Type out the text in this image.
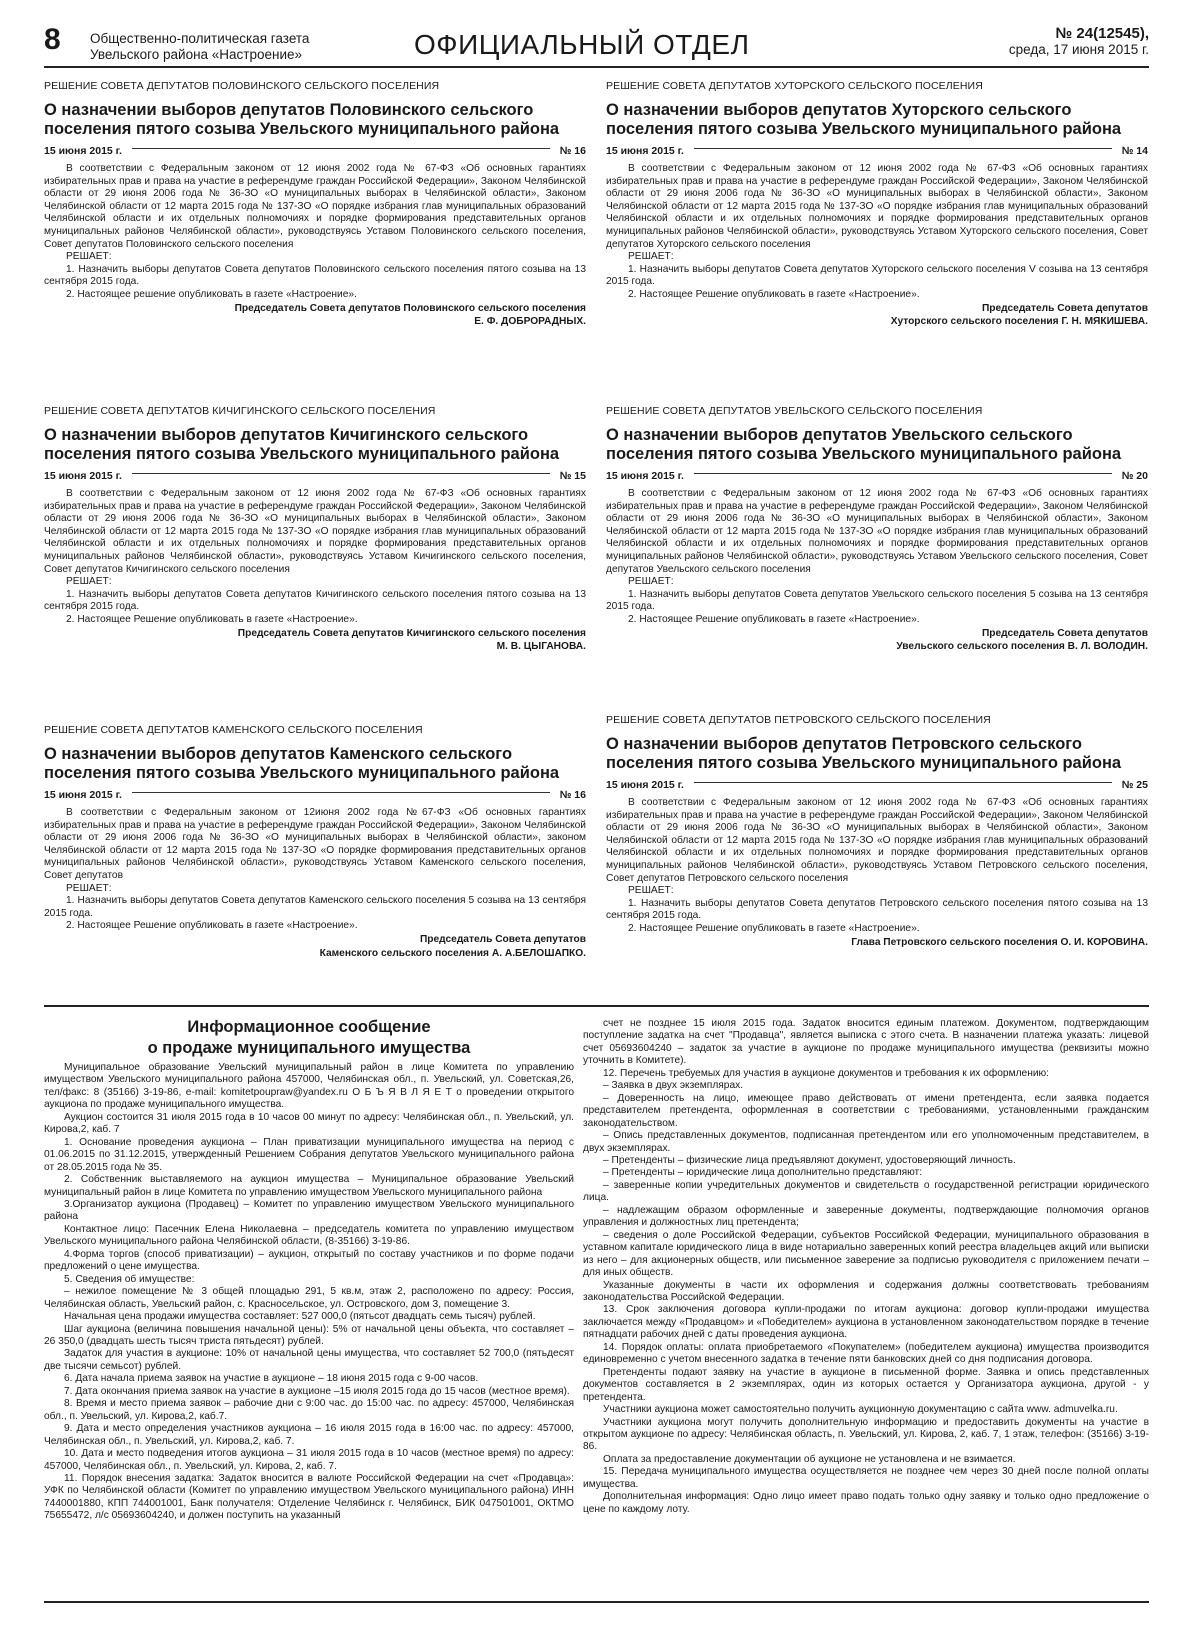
8 Общественно-политическая газета
Увельского района «Настроение»	ОФИЦИАЛЬНЫЙ ОТДЕЛ	№ 24(12545),
среда, 17 июня 2015 г.
РЕШЕНИЕ СОВЕТА ДЕПУТАТОВ ПОЛОВИНСКОГО СЕЛЬСКОГО ПОСЕЛЕНИЯ
О назначении выборов депутатов Половинского сельского поселения пятого созыва Увельского муниципального района
15 июня 2015 г.	№ 16

В соответствии с Федеральным законом от 12 июня 2002 года № 67-ФЗ «Об основных гарантиях избирательных прав и права на участие в референдуме граждан Российской Федерации», Законом Челябинской области от 29 июня 2006 года № 36-ЗО «О муниципальных выборах в Челябинской области», Законом Челябинской области от 12 марта 2015 года № 137-ЗО «О порядке избрания глав муниципальных образований Челябинской области и их отдельных полномочиях и порядке формирования представительных органов муниципальных районов Челябинской области», руководствуясь Уставом Половинского сельского поселения, Совет депутатов Половинского сельского поселения

РЕШАЕТ:

1. Назначить выборы депутатов Совета депутатов Половинского сельского поселения пятого созыва на 13 сентября 2015 года.

2. Настоящее решение опубликовать в газете «Настроение».

Председатель Совета депутатов Половинского сельского поселения
Е. Ф. ДОБРОРАДНЫХ.
РЕШЕНИЕ СОВЕТА ДЕПУТАТОВ ХУТОРСКОГО СЕЛЬСКОГО ПОСЕЛЕНИЯ
О назначении выборов депутатов Хуторского сельского поселения пятого созыва Увельского муниципального района
15 июня 2015 г.	№ 14

В соответствии с Федеральным законом от 12 июня 2002 года № 67-ФЗ «Об основных гарантиях избирательных прав и права на участие в референдуме граждан Российской Федерации», Законом Челябинской области от 29 июня 2006 года № 36-ЗО «О муниципальных выборах в Челябинской области», Законом Челябинской области от 12 марта 2015 года № 137-ЗО «О порядке избрания глав муниципальных образований Челябинской области и их отдельных полномочиях и порядке формирования представительных органов муниципальных районов Челябинской области», руководствуясь Уставом Хуторского сельского поселения, Совет депутатов Хуторского сельского поселения

РЕШАЕТ:

1. Назначить выборы депутатов Совета депутатов Хуторского сельского поселения V созыва на 13 сентября 2015 года.

2. Настоящее Решение опубликовать в газете «Настроение».

Председатель Совета депутатов
Хуторского сельского поселения Г. Н. МЯКИШЕВА.
РЕШЕНИЕ СОВЕТА ДЕПУТАТОВ КИЧИГИНСКОГО СЕЛЬСКОГО ПОСЕЛЕНИЯ
О назначении выборов депутатов Кичигинского сельского поселения пятого созыва Увельского муниципального района
15 июня 2015 г.	№ 15

В соответствии с Федеральным законом от 12 июня 2002 года № 67-ФЗ «Об основных гарантиях избирательных прав и права на участие в референдуме граждан Российской Федерации», Законом Челябинской области от 29 июня 2006 года № 36-ЗО «О муниципальных выборах в Челябинской области», Законом Челябинской области от 12 марта 2015 года № 137-ЗО «О порядке избрания глав муниципальных образований Челябинской области и их отдельных полномочиях и порядке формирования представительных органов муниципальных районов Челябинской области», руководствуясь Уставом Кичигинского сельского поселения, Совет депутатов Кичигинского сельского поселения

РЕШАЕТ:

1. Назначить выборы депутатов Совета депутатов Кичигинского сельского поселения пятого созыва на 13 сентября 2015 года.

2. Настоящее Решение опубликовать в газете «Настроение».

Председатель Совета депутатов Кичигинского сельского поселения
М. В. ЦЫГАНОВА.
РЕШЕНИЕ СОВЕТА ДЕПУТАТОВ УВЕЛЬСКОГО СЕЛЬСКОГО ПОСЕЛЕНИЯ
О назначении выборов депутатов Увельского сельского поселения пятого созыва Увельского муниципального района
15 июня 2015 г.	№ 20

В соответствии с Федеральным законом от 12 июня 2002 года № 67-ФЗ «Об основных гарантиях избирательных прав и права на участие в референдуме граждан Российской Федерации», Законом Челябинской области от 29 июня 2006 года № 36-ЗО «О муниципальных выборах в Челябинской области», Законом Челябинской области от 12 марта 2015 года № 137-ЗО «О порядке избрания глав муниципальных образований Челябинской области и их отдельных полномочиях и порядке формирования представительных органов муниципальных районов Челябинской области», руководствуясь Уставом Увельского сельского поселения, Совет депутатов Увельского сельского поселения

РЕШАЕТ:

1. Назначить выборы депутатов Совета депутатов Увельского сельского поселения 5 созыва на 13 сентября 2015 года.

2. Настоящее Решение опубликовать в газете «Настроение».

Председатель Совета депутатов
Увельского сельского поселения В. Л. ВОЛОДИН.
РЕШЕНИЕ СОВЕТА ДЕПУТАТОВ КАМЕНСКОГО СЕЛЬСКОГО ПОСЕЛЕНИЯ
О назначении выборов депутатов Каменского сельского поселения пятого созыва Увельского муниципального района
15 июня 2015 г.	№ 16

В соответствии с Федеральным законом от 12июня 2002 года №67-ФЗ «Об основных гарантиях избирательных прав и права на участие в референдуме граждан Российской Федерации», Законом Челябинской области от 29 июня 2006 года № 36-ЗО «О муниципальных выборах в Челябинской области», законом Челябинской области от 12 марта 2015 года № 137-ЗО «О порядке формирования представительных органов муниципальных районов Челябинской области», руководствуясь Уставом Каменского сельского поселения, Совет депутатов

РЕШАЕТ:

1. Назначить выборы депутатов Совета депутатов Каменского сельского поселения 5 созыва на 13 сентября 2015 года.

2. Настоящее Решение опубликовать в газете «Настроение».

Председатель Совета депутатов
Каменского сельского поселения А. А.БЕЛОШАПКО.
РЕШЕНИЕ СОВЕТА ДЕПУТАТОВ ПЕТРОВСКОГО СЕЛЬСКОГО ПОСЕЛЕНИЯ
О назначении выборов депутатов Петровского сельского поселения пятого созыва Увельского муниципального района
15 июня 2015 г.	№ 25

В соответствии с Федеральным законом от 12 июня 2002 года № 67-ФЗ «Об основных гарантиях избирательных прав и права на участие в референдуме граждан Российской Федерации», Законом Челябинской области от 29 июня 2006 года № 36-ЗО «О муниципальных выборах в Челябинской области», Законом Челябинской области от 12 марта 2015 года № 137-ЗО «О порядке избрания глав муниципальных образований Челябинской области и их отдельных полномочиях и порядке формирования представительных органов муниципальных районов Челябинской области», руководствуясь Уставом Петровского сельского поселения, Совет депутатов Петровского сельского поселения

РЕШАЕТ:

1. Назначить выборы депутатов Совета депутатов Петровского сельского поселения пятого созыва на 13 сентября 2015 года.

2. Настоящее Решение опубликовать в газете «Настроение».

Глава Петровского сельского поселения О. И. КОРОВИНА.
Информационное сообщение
о продаже муниципального имущества

Муниципальное образование Увельский муниципальный район в лице Комитета по управлению имуществом Увельского муниципального района 457000, Челябинская обл., п. Увельский, ул. Советская,26, тел/факс: 8 (35166) 3-19-86, e-mail: komitetpoupraw@yandex.ru О Б Ъ Я В Л Я Е Т о проведении открытого аукциона по продаже муниципального имущества.

Аукцион состоится 31 июля 2015 года в 10 часов 00 минут по адресу: Челябинская обл., п. Увельский, ул. Кирова,2, каб. 7

1. Основание проведения аукциона – План приватизации муниципального имущества на период с 01.06.2015 по 31.12.2015, утвержденный Решением Собрания депутатов Увельского муниципального района от 28.05.2015 года № 35.

2. Собственник выставляемого на аукцион имущества – Муниципальное образование Увельский муниципальный район в лице Комитета по управлению имуществом Увельского муниципального района

3.Организатор аукциона (Продавец) – Комитет по управлению имуществом Увельского муниципального района

Контактное лицо: Пасечник Елена Николаевна – председатель комитета по управлению имуществом Увельского муниципального района Челябинской области, (8-35166) 3-19-86.

4.Форма торгов (способ приватизации) – аукцион, открытый по составу участников и по форме подачи предложений о цене имущества.

5. Сведения об имуществе:

– нежилое помещение № 3 общей площадью 291, 5 кв.м, этаж 2, расположено по адресу: Россия, Челябинская область, Увельский район, с. Красносельское, ул. Островского, дом 3, помещение 3.

Начальная цена продажи имущества составляет: 527 000,0 (пятьсот двадцать семь тысяч) рублей.

Шаг аукциона (величина повышения начальной цены): 5% от начальной цены объекта, что составляет – 26 350,0 (двадцать шесть тысяч триста пятьдесят) рублей.

Задаток для участия в аукционе: 10% от начальной цены имущества, что составляет 52 700,0 (пятьдесят две тысячи семьсот) рублей.

6. Дата начала приема заявок на участие в аукционе – 18 июня 2015 года с 9-00 часов.

7. Дата окончания приема заявок на участие в аукционе –15 июля 2015 года до 15 часов (местное время).

8. Время и место приема заявок – рабочие дни с 9:00 час. до 15:00 час. по адресу: 457000, Челябинская обл., п. Увельский, ул. Кирова,2, каб.7.

9. Дата и место определения участников аукциона – 16 июля 2015 года в 16:00 час. по адресу: 457000, Челябинская обл., п. Увельский, ул. Кирова,2, каб. 7.

10. Дата и место подведения итогов аукциона – 31 июля 2015 года в 10 часов (местное время) по адресу: 457000, Челябинская обл., п. Увельский, ул. Кирова, 2, каб. 7.

11. Порядок внесения задатка: Задаток вносится в валюте Российской Федерации на счет «Продавца»: УФК по Челябинской области (Комитет по управлению имуществом Увельского муниципального района) ИНН 7440001880, КПП 744001001, Банк получателя: Отделение Челябинск г. Челябинск, БИК 047501001, ОКТМО 75655472, л/с 05693604240, и должен поступить на указанный

счет не позднее 15 июля 2015 года. Задаток вносится единым платежом. Документом, подтверждающим поступление задатка на счет "Продавца", является выписка с этого счета. В назначении платежа указать: лицевой счет 05693604240 – задаток за участие в аукционе по продаже муниципального имущества (реквизиты можно уточнить в Комитете).

12. Перечень требуемых для участия в аукционе документов и требования к их оформлению:

– Заявка в двух экземплярах.

– Доверенность на лицо, имеющее право действовать от имени претендента, если заявка подается представителем претендента, оформленная в соответствии с требованиями, установленными гражданским законодательством.

– Опись представленных документов, подписанная претендентом или его уполномоченным представителем, в двух экземплярах.

– Претенденты – физические лица предъявляют документ, удостоверяющий личность.

– Претенденты – юридические лица дополнительно представляют:

– заверенные копии учредительных документов и свидетельств о государственной регистрации юридического лица.

– надлежащим образом оформленные и заверенные документы, подтверждающие полномочия органов управления и должностных лиц претендента;

– сведения о доле Российской Федерации, субъектов Российской Федерации, муниципального образования в уставном капитале юридического лица в виде нотариально заверенных копий реестра владельцев акций или выписки из него – для акционерных обществ, или письменное заверение за подписью руководителя с приложением печати – для иных обществ.

Указанные документы в части их оформления и содержания должны соответствовать требованиям законодательства Российской Федерации.

13. Срок заключения договора купли-продажи по итогам аукциона: договор купли-продажи имущества заключается между «Продавцом» и «Победителем» аукциона в установленном законодательством порядке в течение пятнадцати рабочих дней с даты проведения аукциона.

14. Порядок оплаты: оплата приобретаемого «Покупателем» (победителем аукциона) имущества производится единовременно с учетом внесенного задатка в течение пяти банковских дней со дня подписания договора.

Претенденты подают заявку на участие в аукционе в письменной форме. Заявка и опись представленных документов составляется в 2 экземплярах, один из которых остается у Организатора аукциона, другой - у претендента.

Участники аукциона может самостоятельно получить аукционную документацию с сайта www. admuvelka.ru.

Участники аукциона могут получить дополнительную информацию и предоставить документы на участие в открытом аукционе по адресу: Челябинская область, п. Увельский, ул. Кирова, 2, каб. 7, 1 этаж, телефон: (35166) 3-19-86.

Оплата за предоставление документации об аукционе не установлена и не взимается.

15. Передача муниципального имущества осуществляется не позднее чем через 30 дней после полной оплаты имущества.

Дополнительная информация: Одно лицо имеет право подать только одну заявку и только одно предложение о цене по каждому лоту.
